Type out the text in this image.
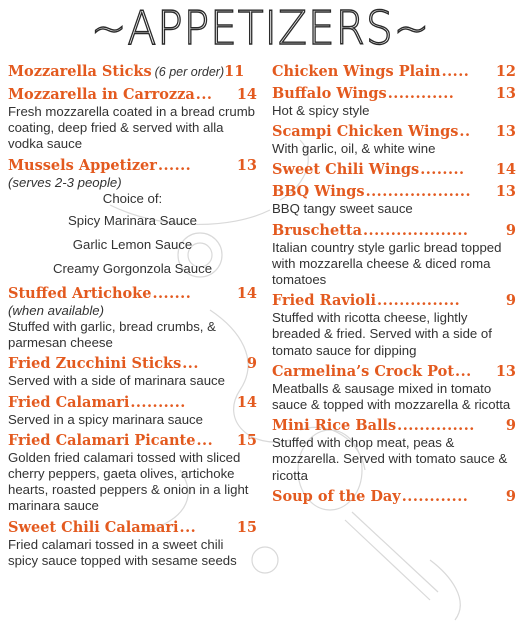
~APPETIZERS~
Mozzarella Sticks (6 per order) 11
Mozzarella in Carrozza ...	14
Fresh mozzarella coated in a bread crumb coating, deep fried & served with alla vodka sauce
Mussels Appetizer ......	13
(serves 2-3 people)
Choice of:
Spicy Marinara Sauce
Garlic Lemon Sauce
Creamy Gorgonzola Sauce
Stuffed Artichoke .......	14
(when available)
Stuffed with garlic, bread crumbs, & parmesan cheese
Fried Zucchini Sticks ...	9
Served with a side of marinara sauce
Fried Calamari ..........	14
Served in a spicy marinara sauce
Fried Calamari Picante ...	15
Golden fried calamari tossed with sliced cherry peppers, gaeta olives, artichoke hearts, roasted peppers & onion in a light marinara sauce
Sweet Chili Calamari ...	15
Fried calamari tossed in a sweet chili spicy sauce topped with sesame seeds
Chicken Wings Plain .....	12
Buffalo Wings ............	13
Hot & spicy style
Scampi Chicken Wings ..	13
With garlic, oil, & white wine
Sweet Chili Wings ........	14
BBQ Wings ...................	13
BBQ tangy sweet sauce
Bruschetta ...................	9
Italian country style garlic bread topped with mozzarella cheese & diced roma tomatoes
Fried Ravioli ...............	9
Stuffed with ricotta cheese, lightly breaded & fried. Served with a side of tomato sauce for dipping
Carmelina’s Crock Pot ...	13
Meatballs & sausage mixed in tomato sauce & topped with mozzarella & ricotta
Mini Rice Balls ..............	9
Stuffed with chop meat, peas & mozzarella. Served with tomato sauce & ricotta
Soup of the Day ............	9
